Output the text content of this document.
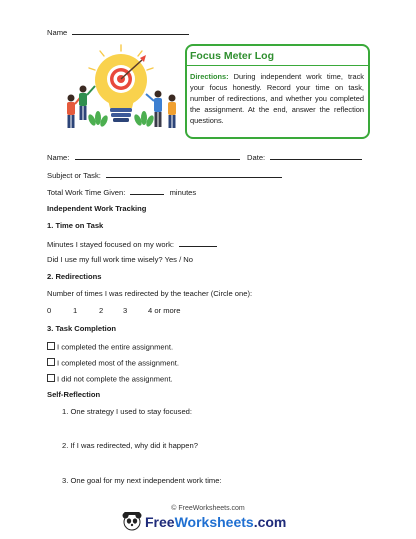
Name
Focus Meter Log
Directions: During independent work time, track your focus honestly. Record your time on task, number of redirections, and whether you completed the assignment. At the end, answer the reflection questions.
Name:	Date:
Subject or Task:
Total Work Time Given:	minutes
Independent Work Tracking
1. Time on Task
Minutes I stayed focused on my work:
Did I use my full work time wisely? Yes / No
2. Redirections
Number of times I was redirected by the teacher (Circle one):
0	1	2	3	4 or more
3. Task Completion
I completed the entire assignment.
I completed most of the assignment.
I did not complete the assignment.
Self-Reflection
1. One strategy I used to stay focused:
2. If I was redirected, why did it happen?
3. One goal for my next independent work time:
© FreeWorksheets.com
FreeWorksheets.com
